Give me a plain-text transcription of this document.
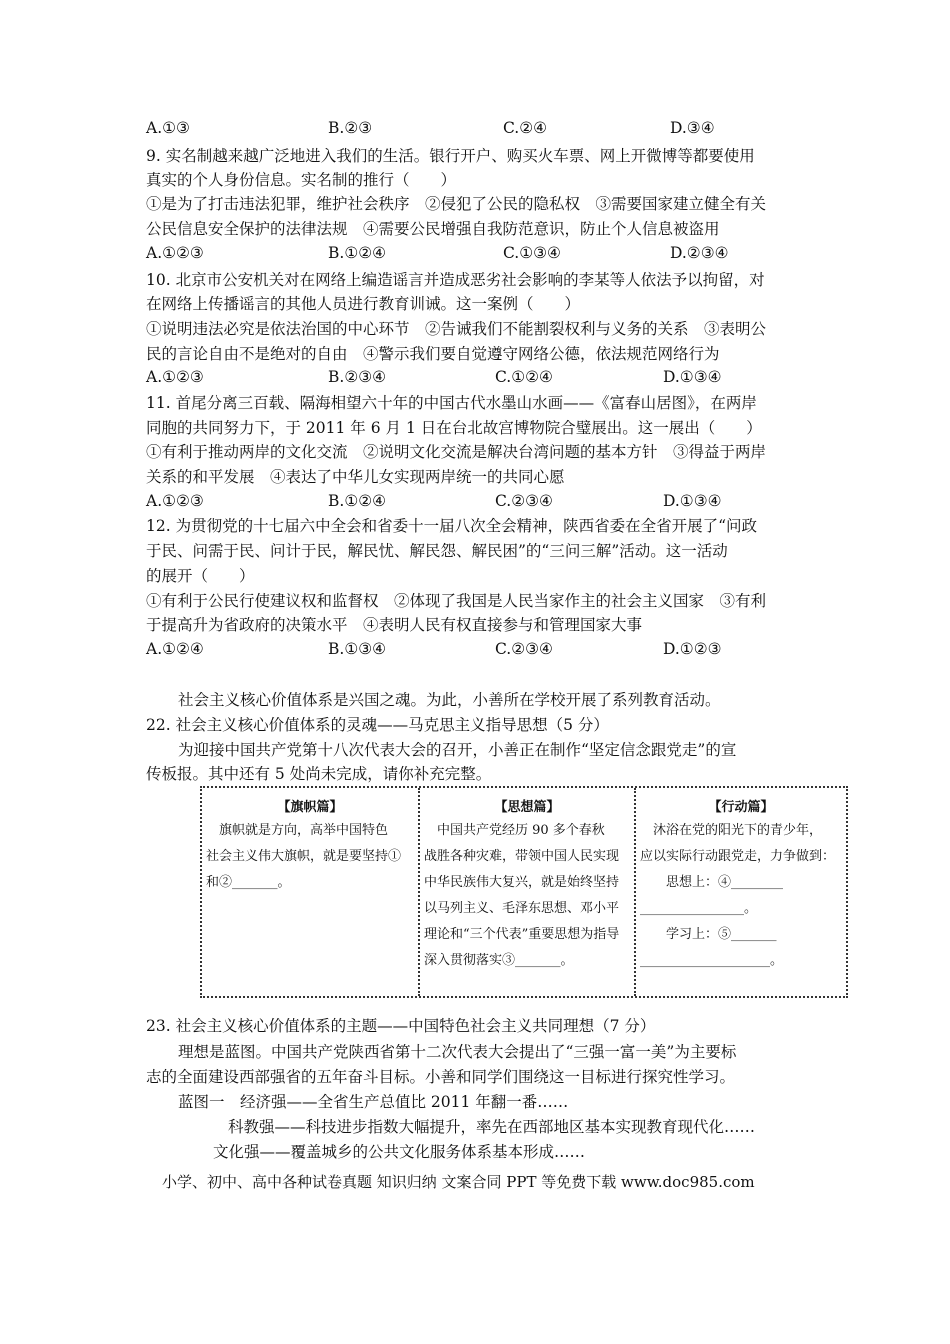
A.①③	B.②③	C.②④	D.③④
9. 实名制越来越广泛地进入我们的生活。银行开户、购买火车票、网上开微博等都要使用
真实的个人身份信息。实名制的推行（　　）
①是为了打击违法犯罪，维护社会秩序　②侵犯了公民的隐私权　③需要国家建立健全有关
公民信息安全保护的法律法规　④需要公民增强自我防范意识，防止个人信息被盗用
A.①②③	B.①②④	C.①③④	D.②③④
10. 北京市公安机关对在网络上编造谣言并造成恶劣社会影响的李某等人依法予以拘留，对
在网络上传播谣言的其他人员进行教育训诫。这一案例（　　）
①说明违法必究是依法治国的中心环节　②告诫我们不能割裂权利与义务的关系　③表明公
民的言论自由不是绝对的自由　④警示我们要自觉遵守网络公德，依法规范网络行为
A.①②③	B.②③④	C.①②④	D.①③④
11. 首尾分离三百载、隔海相望六十年的中国古代水墨山水画——《富春山居图》，在两岸
同胞的共同努力下，于 2011 年 6 月 1 日在台北故宫博物院合璧展出。这一展出（　　）
①有利于推动两岸的文化交流　②说明文化交流是解决台湾问题的基本方针　③得益于两岸
关系的和平发展　④表达了中华儿女实现两岸统一的共同心愿
A.①②③	B.①②④	C.②③④	D.①③④
12. 为贯彻党的十七届六中全会和省委十一届八次全会精神，陕西省委在全省开展了“问政
于民、问需于民、问计于民，解民忧、解民怨、解民困”的“三问三解”活动。这一活动
的展开（　　）
①有利于公民行使建议权和监督权　②体现了我国是人民当家作主的社会主义国家　③有利
于提高升为省政府的决策水平　④表明人民有权直接参与和管理国家大事
A.①②④	B.①③④	C.②③④	D.①②③
社会主义核心价值体系是兴国之魂。为此，小善所在学校开展了系列教育活动。
22. 社会主义核心价值体系的灵魂——马克思主义指导思想（5 分）
为迎接中国共产党第十八次代表大会的召开，小善正在制作“坚定信念跟党走”的宣
传板报。其中还有 5 处尚未完成，请你补充完整。
【旗帜篇】
　旗帜就是方向，高举中国特色
社会主义伟大旗帜，就是要坚持①
和②_______。
【思想篇】
　中国共产党经历 90 多个春秋
战胜各种灾难，带领中国人民实现
中华民族伟大复兴，就是始终坚持
以马列主义、毛泽东思想、邓小平
理论和“三个代表”重要思想为指导
深入贯彻落实③_______。
【行动篇】
　沐浴在党的阳光下的青少年，
应以实际行动跟党走，力争做到：
　　思想上：④________
________________。
　　学习上：⑤_______
____________________。
23. 社会主义核心价值体系的主题——中国特色社会主义共同理想（7 分）
理想是蓝图。中国共产党陕西省第十二次代表大会提出了“三强一富一美”为主要标
志的全面建设西部强省的五年奋斗目标。小善和同学们围绕这一目标进行探究性学习。
蓝图一　经济强——全省生产总值比 2011 年翻一番……
科教强——科技进步指数大幅提升，率先在西部地区基本实现教育现代化……
文化强——覆盖城乡的公共文化服务体系基本形成……
小学、初中、高中各种试卷真题 知识归纳 文案合同 PPT 等免费下载 www.doc985.com
